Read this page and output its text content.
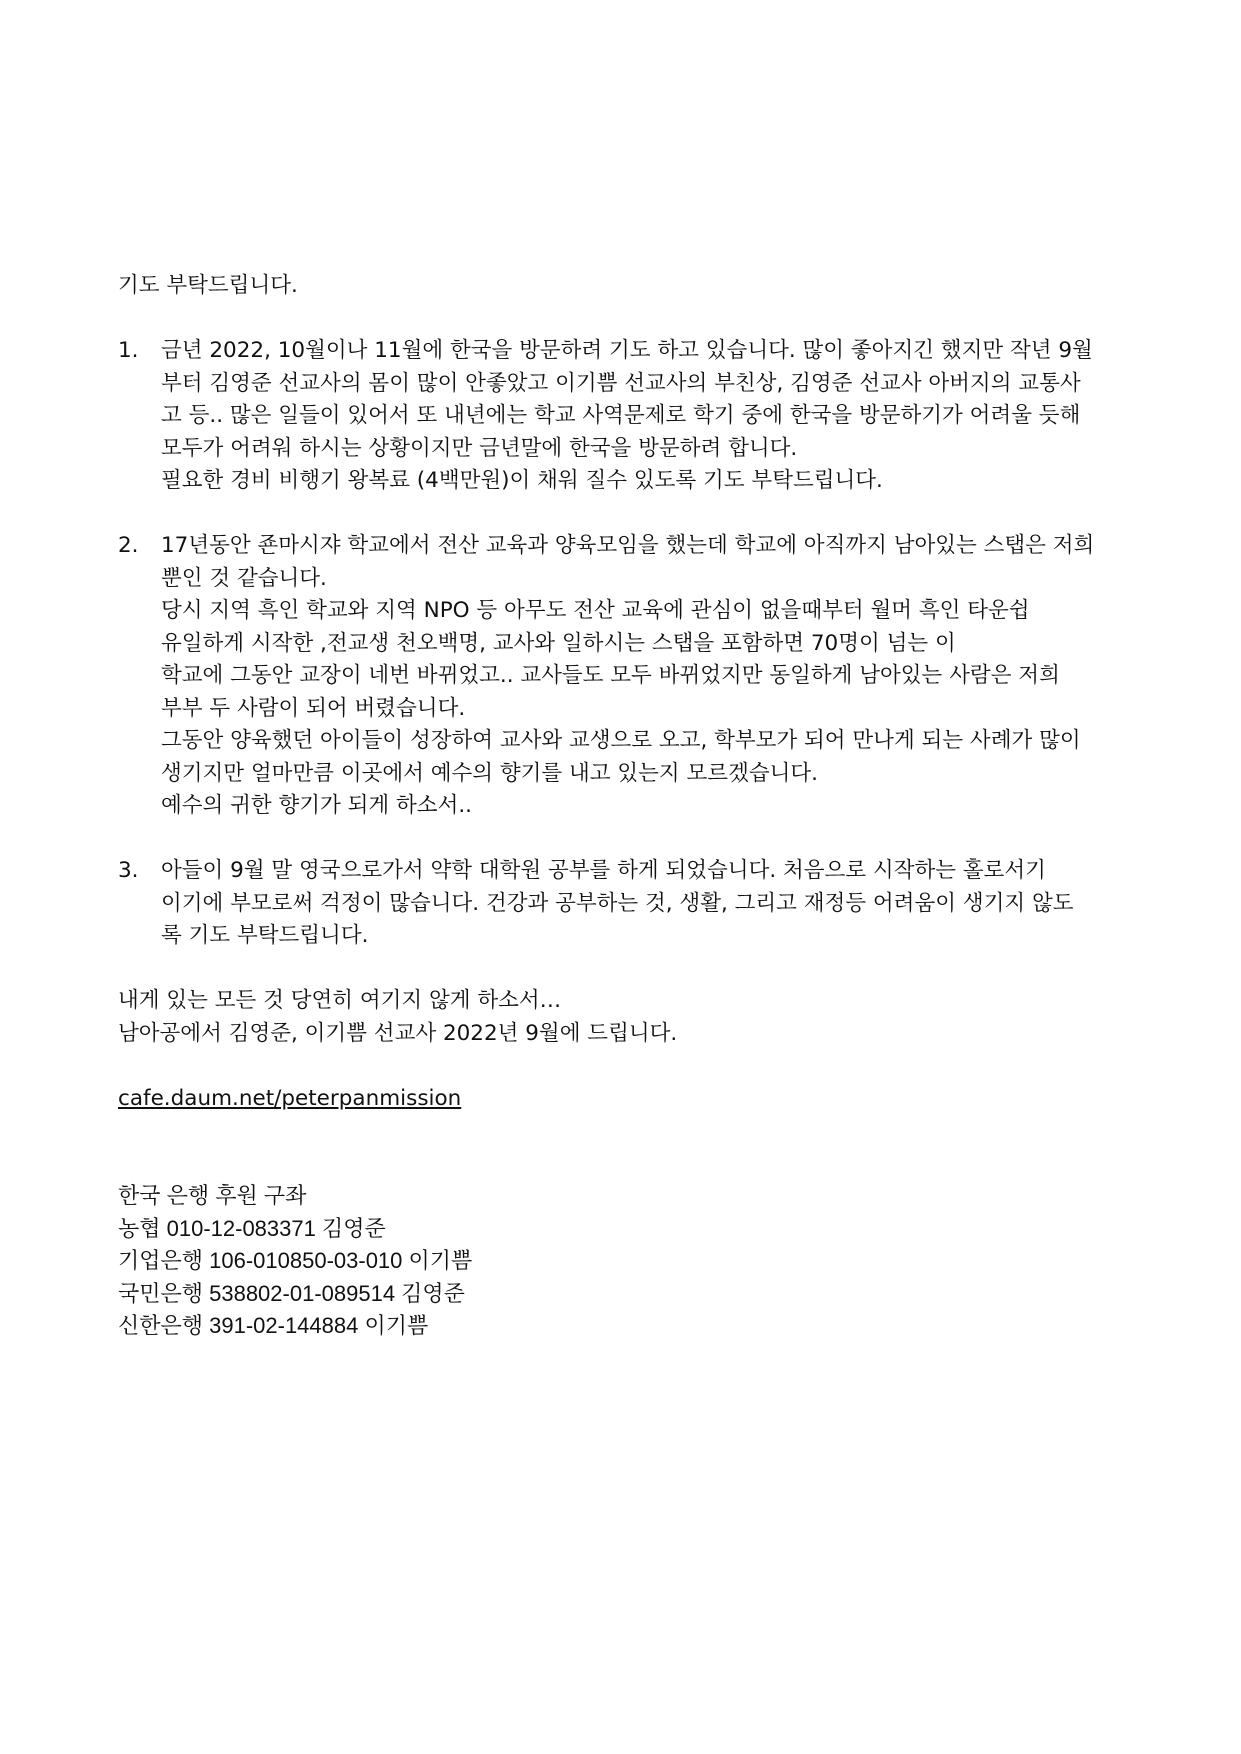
기도 부탁드립니다.
1. 금년 2022, 10월이나 11월에 한국을 방문하려 기도 하고 있습니다. 많이 좋아지긴 했지만 작년 9월
부터 김영준 선교사의 몸이 많이 안좋았고 이기쁨 선교사의 부친상, 김영준 선교사 아버지의 교통사
고 등.. 많은 일들이 있어서 또 내년에는 학교 사역문제로 학기 중에 한국을 방문하기가 어려울 듯해
모두가 어려워 하시는 상황이지만 금년말에 한국을 방문하려 합니다.
필요한 경비 비행기 왕복료 (4백만원)이 채워 질수 있도록 기도 부탁드립니다.
2. 17년동안 죤마시쟈 학교에서 전산 교육과 양육모임을 했는데 학교에 아직까지 남아있는 스탭은 저희
뿐인 것 같습니다.
당시 지역 흑인 학교와 지역 NPO 등 아무도 전산 교육에 관심이 없을때부터 월머 흑인 타운쉽
유일하게 시작한 ,전교생 천오백명, 교사와 일하시는 스탭을 포함하면 70명이 넘는 이
학교에 그동안 교장이 네번 바뀌었고.. 교사들도 모두 바뀌었지만 동일하게 남아있는 사람은 저희
부부 두 사람이 되어 버렸습니다.
그동안 양육했던 아이들이 성장하여 교사와 교생으로 오고, 학부모가 되어 만나게 되는 사례가 많이
생기지만 얼마만큼 이곳에서 예수의 향기를 내고 있는지 모르겠습니다.
예수의 귀한 향기가 되게 하소서..
3. 아들이 9월 말 영국으로가서 약학 대학원 공부를 하게 되었습니다. 처음으로 시작하는 홀로서기
이기에 부모로써 걱정이 많습니다. 건강과 공부하는 것, 생활, 그리고 재정등 어려움이 생기지 않도
록 기도 부탁드립니다.
내게 있는 모든 것 당연히 여기지 않게 하소서…
남아공에서 김영준, 이기쁨 선교사 2022년 9월에 드립니다.
cafe.daum.net/peterpanmission
한국 은행 후원 구좌
농협 010-12-083371 김영준
기업은행 106-010850-03-010 이기쁨
국민은행 538802-01-089514 김영준
신한은행 391-02-144884 이기쁨
